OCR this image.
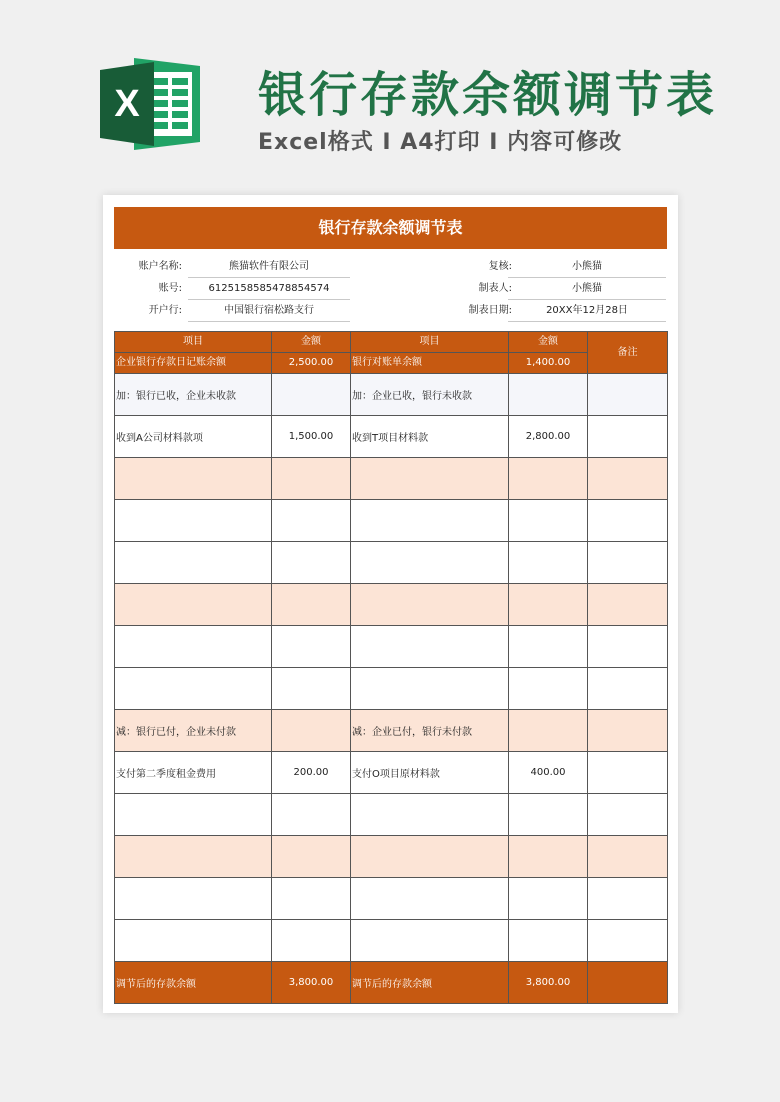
X 银行存款余额调节表
Excel格式 I A4打印 I 内容可修改
银行存款余额调节表
账户名称:	熊猫软件有限公司	复核:	小熊猫
账号:	6125158585478854574	制表人:	小熊猫
开户行:	中国银行宿松路支行	制表日期:	20XX年12月28日
项目	金额	项目	金额	备注
企业银行存款日记账余额	2,500.00	银行对账单余额	1,400.00	
加：银行已收，企业未收款		加：企业已收，银行未收款		
收到A公司材料款项	1,500.00	收到T项目材料款	2,800.00	

减：银行已付，企业未付款		减：企业已付，银行未付款		
支付第二季度租金费用	200.00	支付O项目原材料款	400.00	

调节后的存款余额	3,800.00	调节后的存款余额	3,800.00	
